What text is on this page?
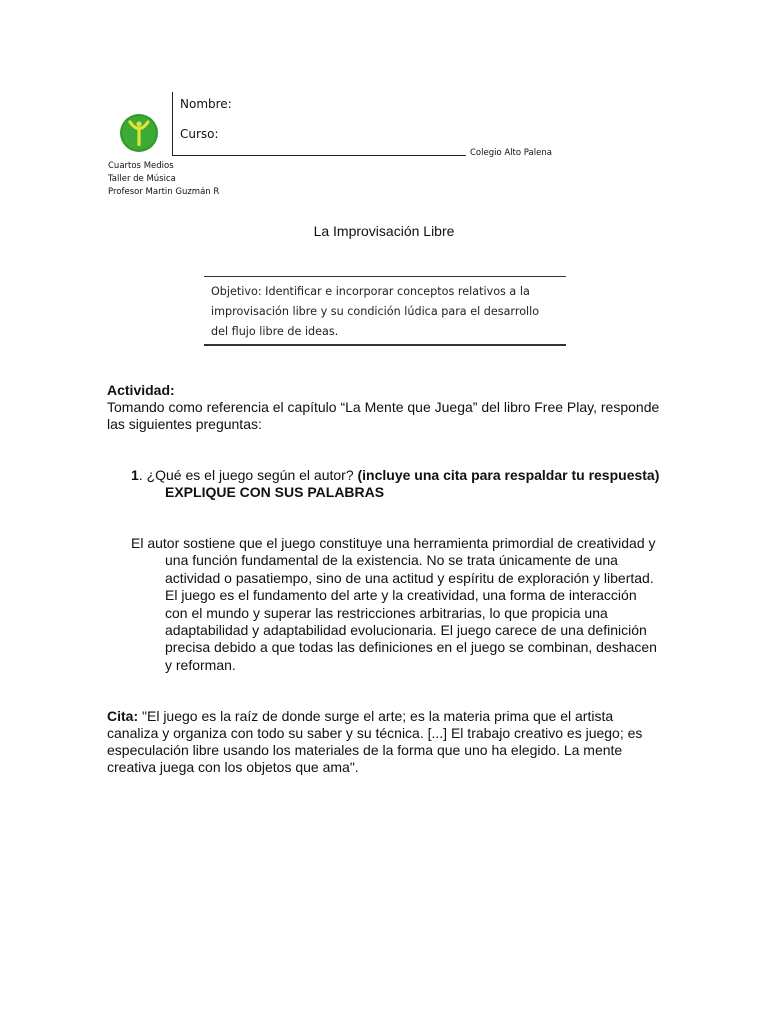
Nombre:
Curso:
Colegio Alto Palena
Cuartos Medios
Taller de Música
Profesor Martin Guzmán R
La Improvisación Libre
Objetivo: Identificar e incorporar conceptos relativos a la improvisación libre y su condición lúdica para el desarrollo del flujo libre de ideas.
Actividad:
Tomando como referencia el capítulo “La Mente que Juega” del libro Free Play, responde las siguientes preguntas:
1. ¿Qué es el juego según el autor? (incluye una cita para respaldar tu respuesta)
EXPLIQUE CON SUS PALABRAS
El autor sostiene que el juego constituye una herramienta primordial de creatividad y una función fundamental de la existencia. No se trata únicamente de una actividad o pasatiempo, sino de una actitud y espíritu de exploración y libertad. El juego es el fundamento del arte y la creatividad, una forma de interacción con el mundo y superar las restricciones arbitrarias, lo que propicia una adaptabilidad y adaptabilidad evolucionaria. El juego carece de una definición precisa debido a que todas las definiciones en el juego se combinan, deshacen y reforman.
Cita: "El juego es la raíz de donde surge el arte; es la materia prima que el artista canaliza y organiza con todo su saber y su técnica. [...] El trabajo creativo es juego; es especulación libre usando los materiales de la forma que uno ha elegido. La mente creativa juega con los objetos que ama".
